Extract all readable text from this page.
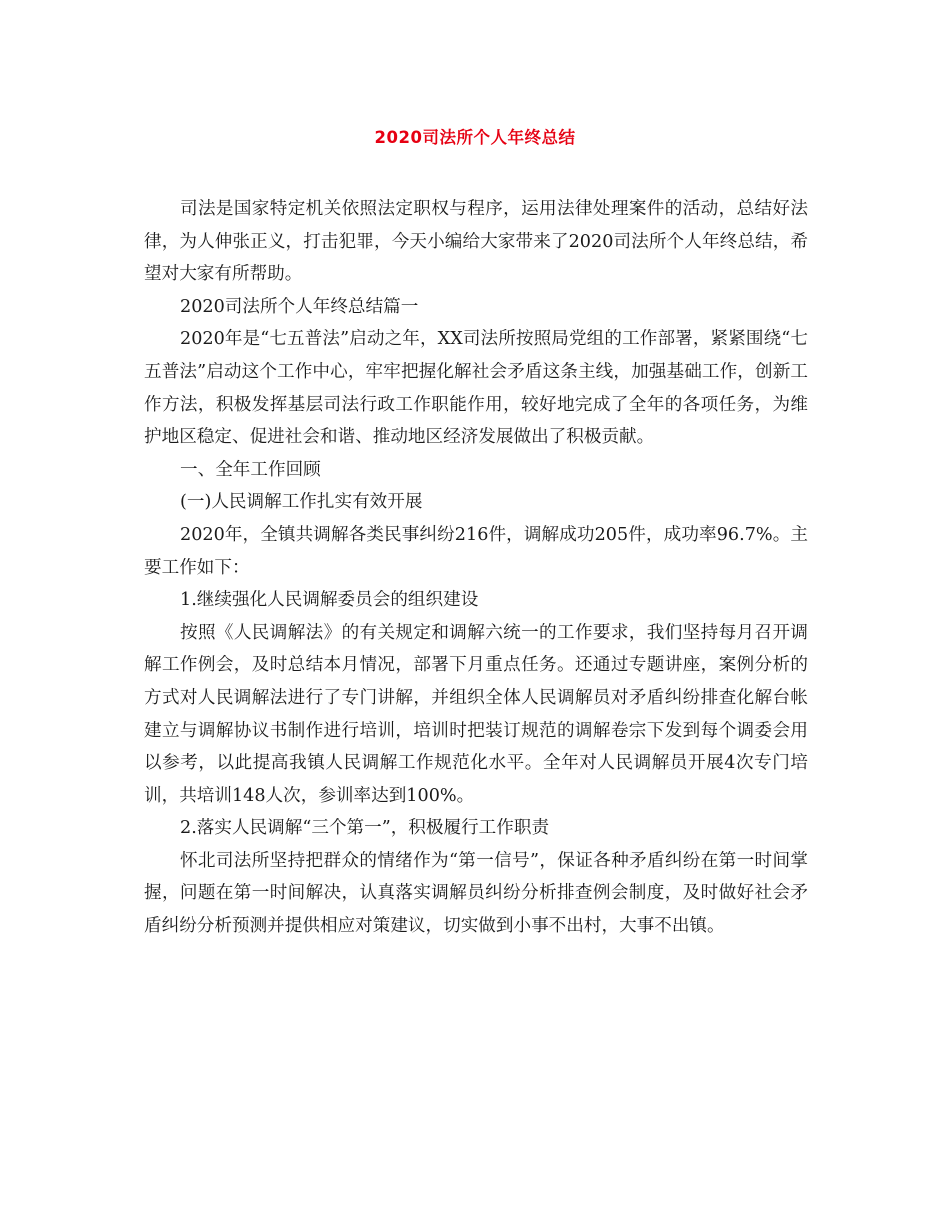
2020司法所个人年终总结

司法是国家特定机关依照法定职权与程序，运用法律处理案件的活动，总结好法律，为人伸张正义，打击犯罪，今天小编给大家带来了2020司法所个人年终总结，希望对大家有所帮助。

2020司法所个人年终总结篇一

2020年是“七五普法”启动之年，XX司法所按照局党组的工作部署，紧紧围绕“七五普法”启动这个工作中心，牢牢把握化解社会矛盾这条主线，加强基础工作，创新工作方法，积极发挥基层司法行政工作职能作用，较好地完成了全年的各项任务，为维护地区稳定、促进社会和谐、推动地区经济发展做出了积极贡献。

一、全年工作回顾

(一)人民调解工作扎实有效开展

2020年，全镇共调解各类民事纠纷216件，调解成功205件，成功率96.7%。主要工作如下：

1.继续强化人民调解委员会的组织建设

按照《人民调解法》的有关规定和调解六统一的工作要求，我们坚持每月召开调解工作例会，及时总结本月情况，部署下月重点任务。还通过专题讲座，案例分析的方式对人民调解法进行了专门讲解，并组织全体人民调解员对矛盾纠纷排查化解台帐建立与调解协议书制作进行培训，培训时把装订规范的调解卷宗下发到每个调委会用以参考，以此提高我镇人民调解工作规范化水平。全年对人民调解员开展4次专门培训，共培训148人次，参训率达到100%。

2.落实人民调解“三个第一”，积极履行工作职责

怀北司法所坚持把群众的情绪作为“第一信号”，保证各种矛盾纠纷在第一时间掌握，问题在第一时间解决，认真落实调解员纠纷分析排查例会制度，及时做好社会矛盾纠纷分析预测并提供相应对策建议，切实做到小事不出村，大事不出镇。
